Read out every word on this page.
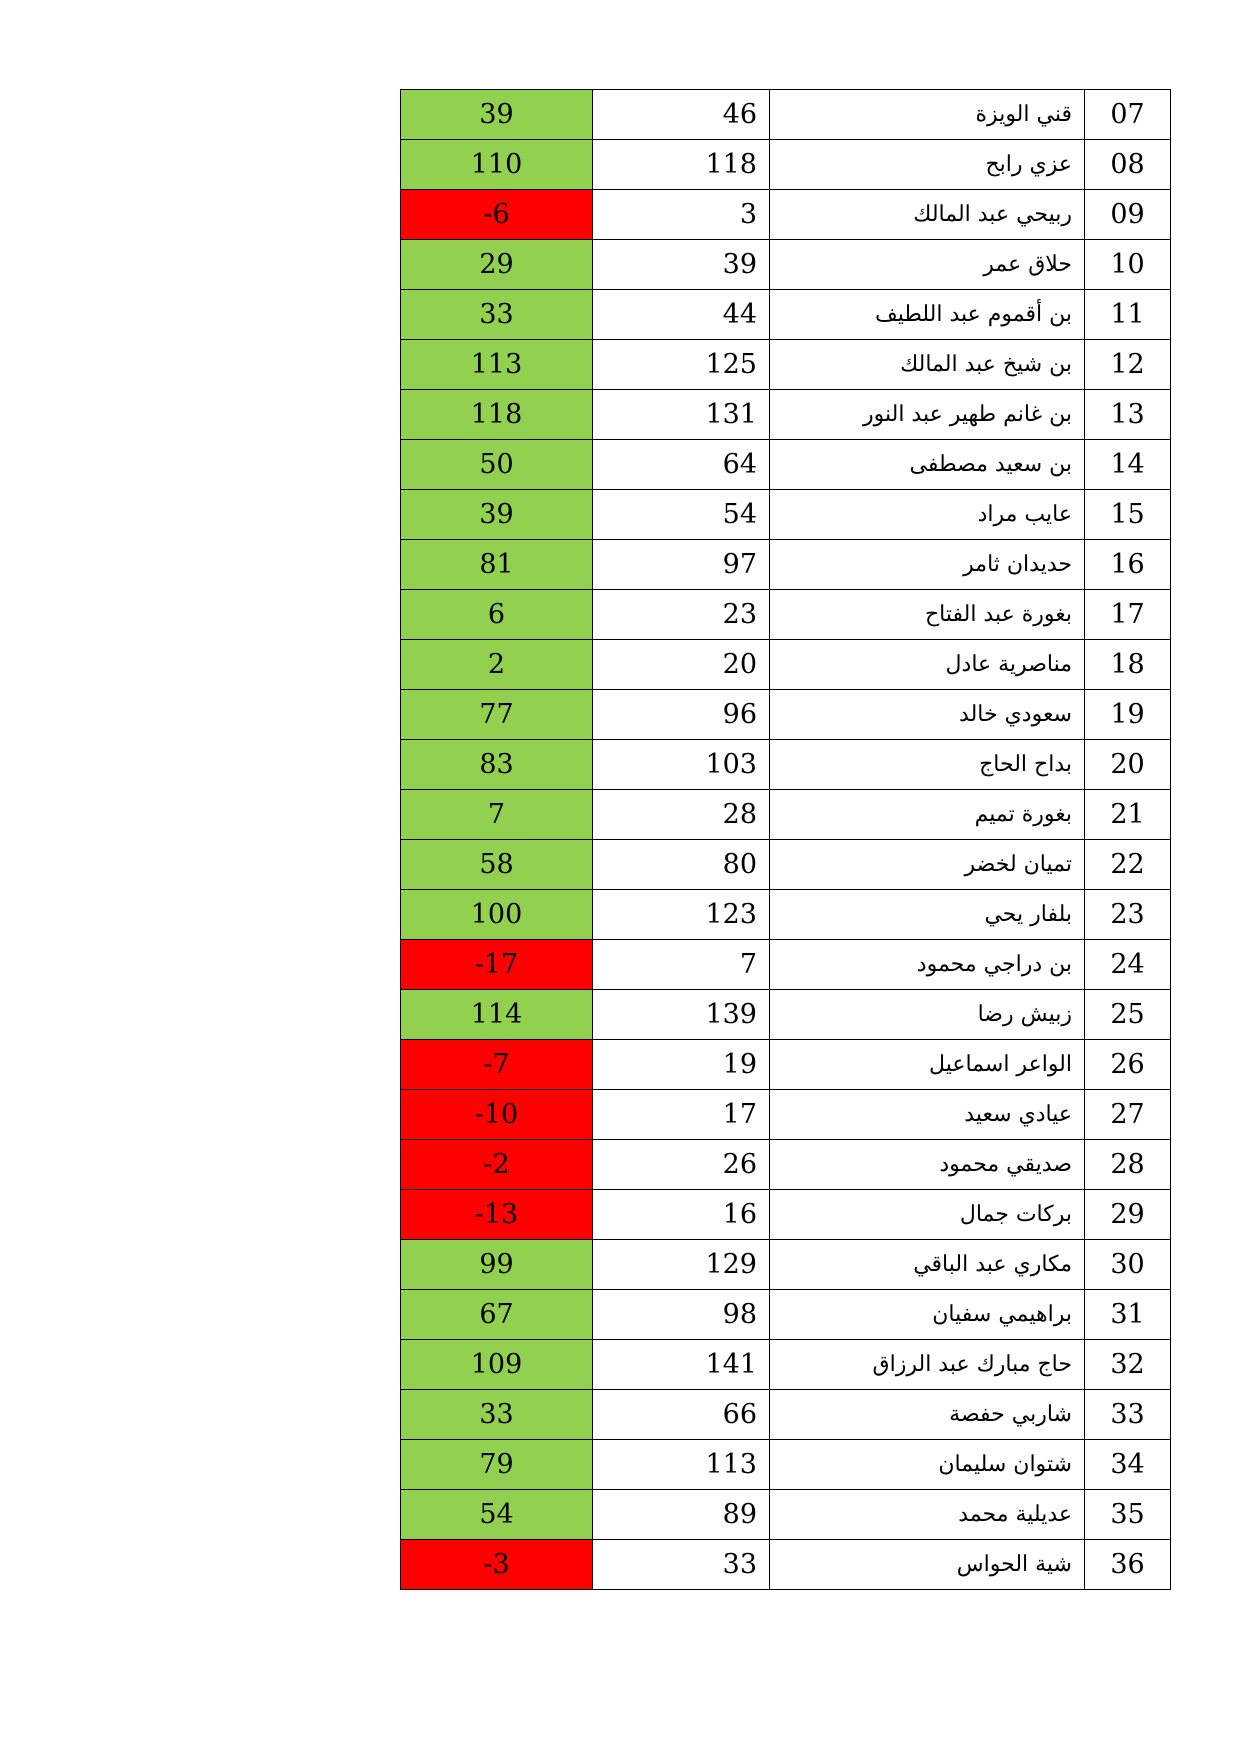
39	46	قني الويزة	07
110	118	عزي رابح	08
-6	3	ربيحي عبد المالك	09
29	39	حلاق عمر	10
33	44	بن أقموم عبد اللطيف	11
113	125	بن شيخ عبد المالك	12
118	131	بن غانم طهير عبد النور	13
50	64	بن سعيد مصطفى	14
39	54	عايب مراد	15
81	97	حديدان ثامر	16
6	23	بغورة عبد الفتاح	17
2	20	مناصرية عادل	18
77	96	سعودي خالد	19
83	103	بداح الحاج	20
7	28	بغورة تميم	21
58	80	تميان لخضر	22
100	123	بلفار يحي	23
-17	7	بن دراجي محمود	24
114	139	زبيش رضا	25
-7	19	الواعر اسماعيل	26
-10	17	عيادي سعيد	27
-2	26	صديقي محمود	28
-13	16	بركات جمال	29
99	129	مكاري عبد الباقي	30
67	98	براهيمي سفيان	31
109	141	حاج مبارك عبد الرزاق	32
33	66	شاربي حفصة	33
79	113	شتوان سليمان	34
54	89	عديلية محمد	35
-3	33	شية الحواس	36
